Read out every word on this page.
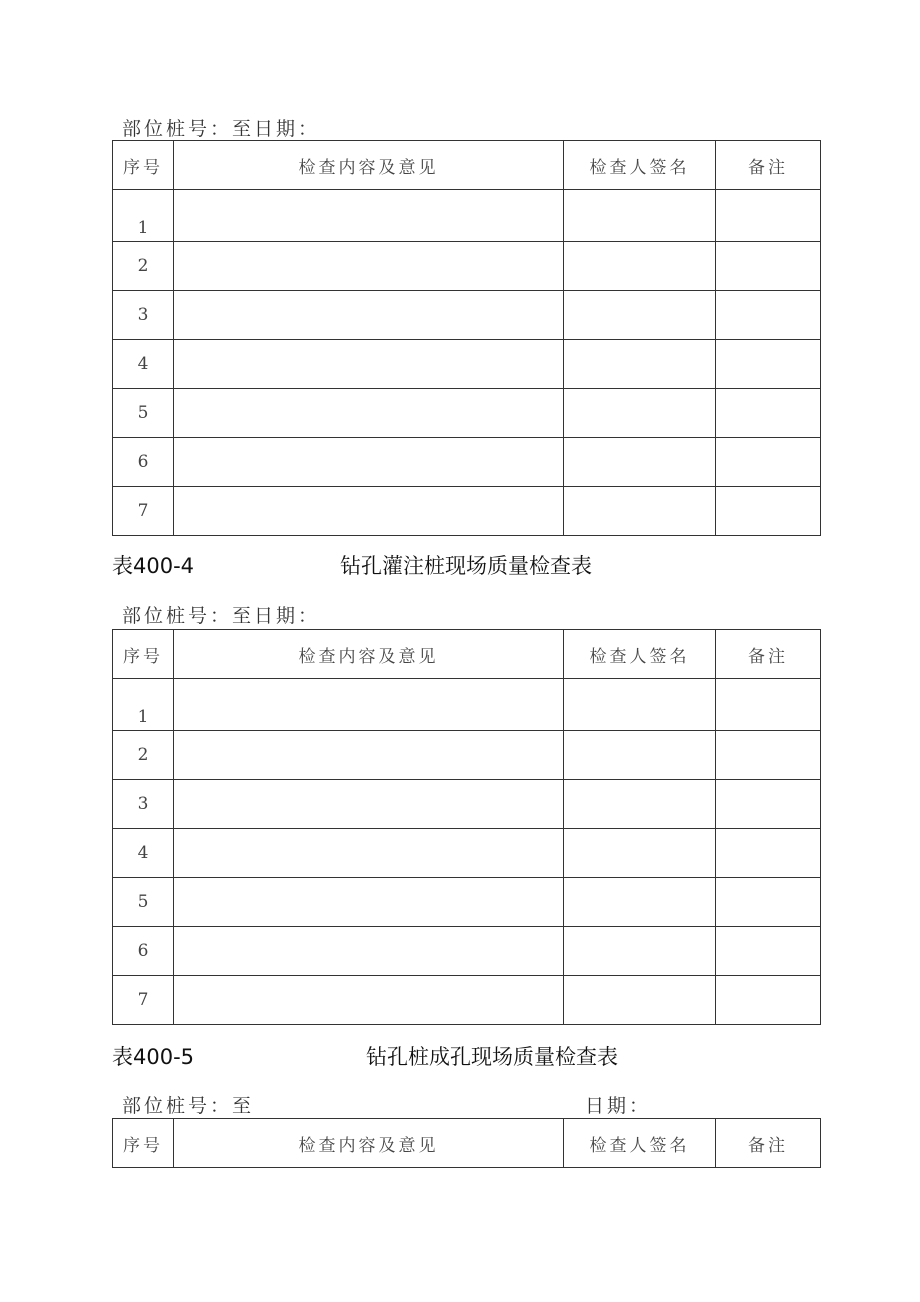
部位桩号：至日期：
序号	检查内容及意见	检查人签名	备注
1			
2			
3			
4			
5			
6			
7			
表400-4	钻孔灌注桩现场质量检查表
部位桩号：至日期：
序号	检查内容及意见	检查人签名	备注
1			
2			
3			
4			
5			
6			
7			
表400-5	钻孔桩成孔现场质量检查表
部位桩号：至	日期：
序号	检查内容及意见	检查人签名	备注
